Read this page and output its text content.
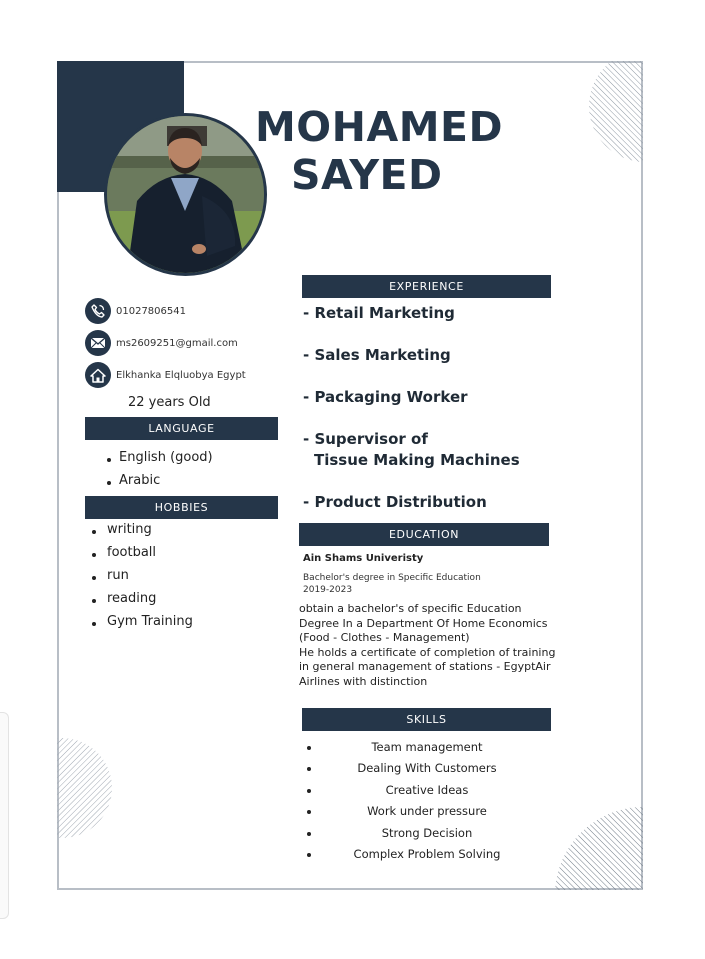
MOHAMED
SAYED
01027806541
ms2609251@gmail.com
Elkhanka Elqluobya Egypt
22 years Old
LANGUAGE
English (good)
Arabic
HOBBIES
writing
football
run
reading
Gym Training
EXPERIENCE
- Retail Marketing
- Sales Marketing
- Packaging Worker
- Supervisor of
Tissue Making Machines
- Product Distribution
EDUCATION
Ain Shams Univeristy
Bachelor's degree in Specific Education
2019-2023
obtain a bachelor's of specific Education
Degree In a Department Of Home Economics
(Food - Clothes - Management)
He holds a certificate of completion of training
in general management of stations - EgyptAir
Airlines with distinction
SKILLS
Team management
Dealing With Customers
Creative Ideas
Work under pressure
Strong Decision
Complex Problem Solving
